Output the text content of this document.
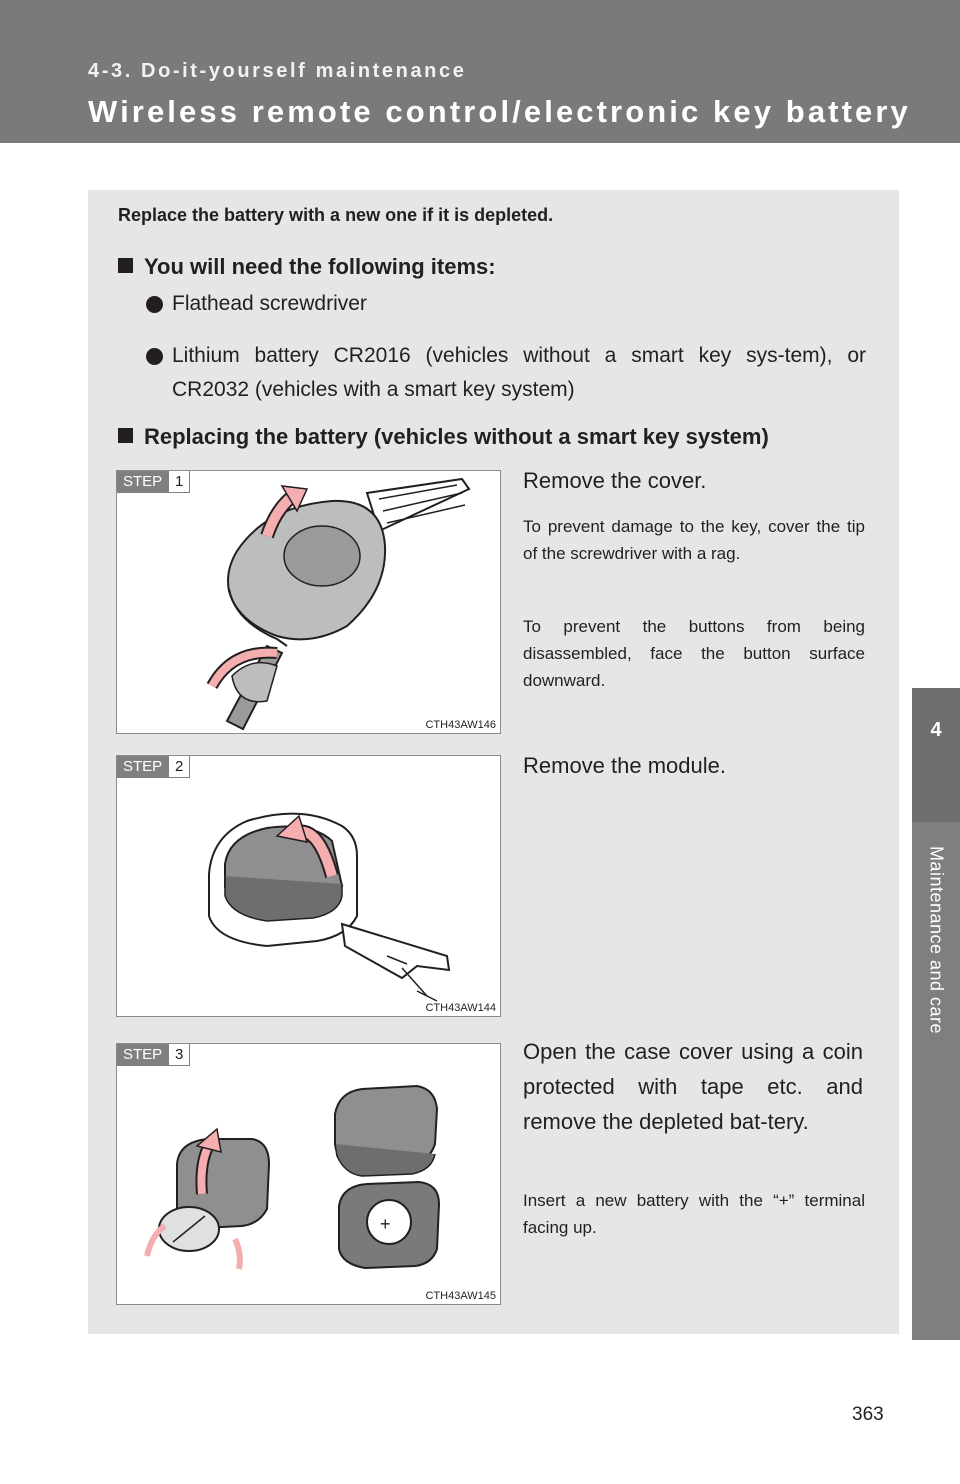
4-3. Do-it-yourself maintenance
Wireless remote control/electronic key battery
4
Maintenance and care
Replace the battery with a new one if it is depleted.
You will need the following items:
Flathead screwdriver
Lithium battery CR2016 (vehicles without a smart key sys-tem), or CR2032 (vehicles with a smart key system)
Replacing the battery (vehicles without a smart key system)
STEP 1
CTH43AW146
Remove the cover.
To prevent damage to the key, cover the tip of the screwdriver with a rag.
To prevent the buttons from being disassembled, face the button surface downward.
STEP 2
CTH43AW144
Remove the module.
+
STEP 3
CTH43AW145
Open the case cover using a coin protected with tape etc. and remove the depleted bat-tery.
Insert a new battery with the “+” terminal facing up.
363
carmanualsonline.info
